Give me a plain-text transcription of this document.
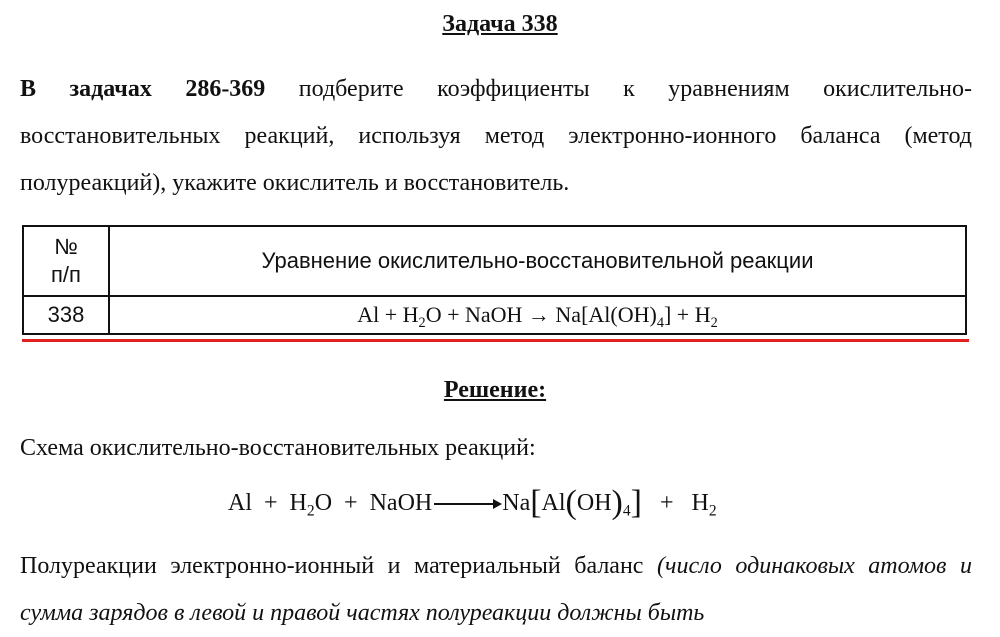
Задача 338
В задачах 286-369 подберите коэффициенты к уравнениям окислительно-восстановительных реакций, используя метод электронно-ионного баланса (метод полуреакций), укажите окислитель и восстановитель.
№
п/п	Уравнение окислительно-восстановительной реакции
338	$Al + H_2O$ + NaOH → $Na[Al(OH)_4] + H_2$
Решение:
Схема окислительно-восстановительных реакций:
$Al + H_2O$ + NaOH → $Na[Al(OH)_4] + H_2$
Полуреакции электронно-ионный и материальный баланс (число одинаковых атомов и сумма зарядов в левой и правой частях полуреакции должны быть
